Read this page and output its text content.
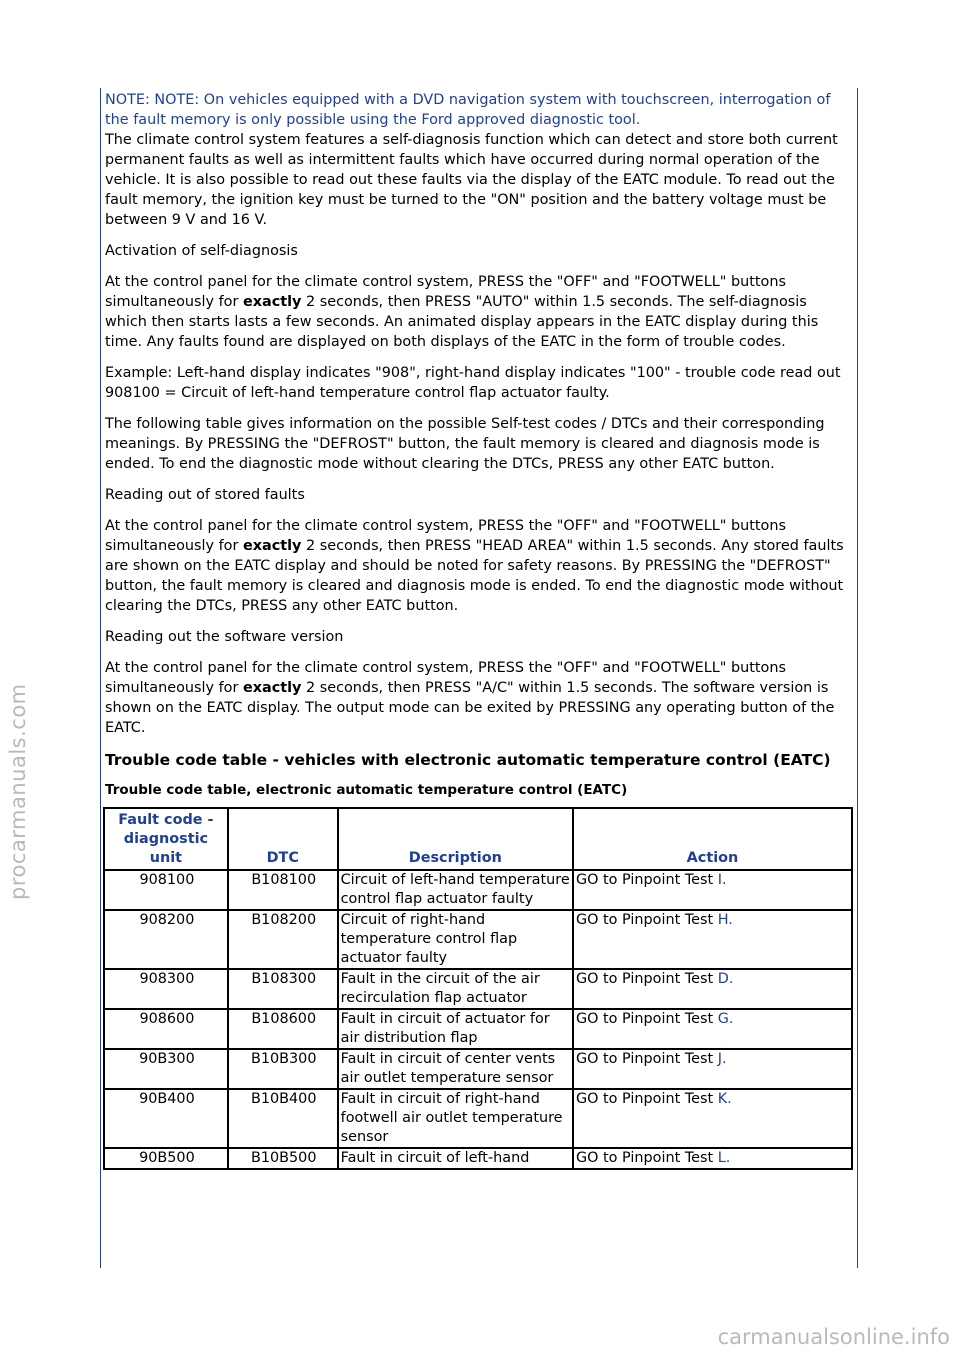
NOTE: NOTE: On vehicles equipped with a DVD navigation system with touchscreen, interrogation of the fault memory is only possible using the Ford approved diagnostic tool.

The climate control system features a self-diagnosis function which can detect and store both current permanent faults as well as intermittent faults which have occurred during normal operation of the vehicle. It is also possible to read out these faults via the display of the EATC module. To read out the fault memory, the ignition key must be turned to the "ON" position and the battery voltage must be between 9 V and 16 V.

Activation of self-diagnosis

At the control panel for the climate control system, PRESS the "OFF" and "FOOTWELL" buttons simultaneously for exactly 2 seconds, then PRESS "AUTO" within 1.5 seconds. The self-diagnosis which then starts lasts a few seconds. An animated display appears in the EATC display during this time. Any faults found are displayed on both displays of the EATC in the form of trouble codes.

Example: Left-hand display indicates "908", right-hand display indicates "100" - trouble code read out 908100 = Circuit of left-hand temperature control flap actuator faulty.

The following table gives information on the possible Self-test codes / DTCs and their corresponding meanings. By PRESSING the "DEFROST" button, the fault memory is cleared and diagnosis mode is ended. To end the diagnostic mode without clearing the DTCs, PRESS any other EATC button.

Reading out of stored faults

At the control panel for the climate control system, PRESS the "OFF" and "FOOTWELL" buttons simultaneously for exactly 2 seconds, then PRESS "HEAD AREA" within 1.5 seconds. Any stored faults are shown on the EATC display and should be noted for safety reasons. By PRESSING the "DEFROST" button, the fault memory is cleared and diagnosis mode is ended. To end the diagnostic mode without clearing the DTCs, PRESS any other EATC button.

Reading out the software version

At the control panel for the climate control system, PRESS the "OFF" and "FOOTWELL" buttons simultaneously for exactly 2 seconds, then PRESS "A/C" within 1.5 seconds. The software version is shown on the EATC display. The output mode can be exited by PRESSING any operating button of the EATC.

Trouble code table - vehicles with electronic automatic temperature control (EATC)
Trouble code table, electronic automatic temperature control (EATC)
Fault code - diagnostic unit	DTC	Description	Action
908100	B108100	Circuit of left-hand temperature control flap actuator faulty	GO to Pinpoint Test I.
908200	B108200	Circuit of right-hand temperature control flap actuator faulty	GO to Pinpoint Test H.
908300	B108300	Fault in the circuit of the air recirculation flap actuator	GO to Pinpoint Test D.
908600	B108600	Fault in circuit of actuator for air distribution flap	GO to Pinpoint Test G.
90B300	B10B300	Fault in circuit of center vents air outlet temperature sensor	GO to Pinpoint Test J.
90B400	B10B400	Fault in circuit of right-hand footwell air outlet temperature sensor	GO to Pinpoint Test K.
90B500	B10B500	Fault in circuit of left-hand	GO to Pinpoint Test L.
procarmanuals.com
carmanualsonline.info
